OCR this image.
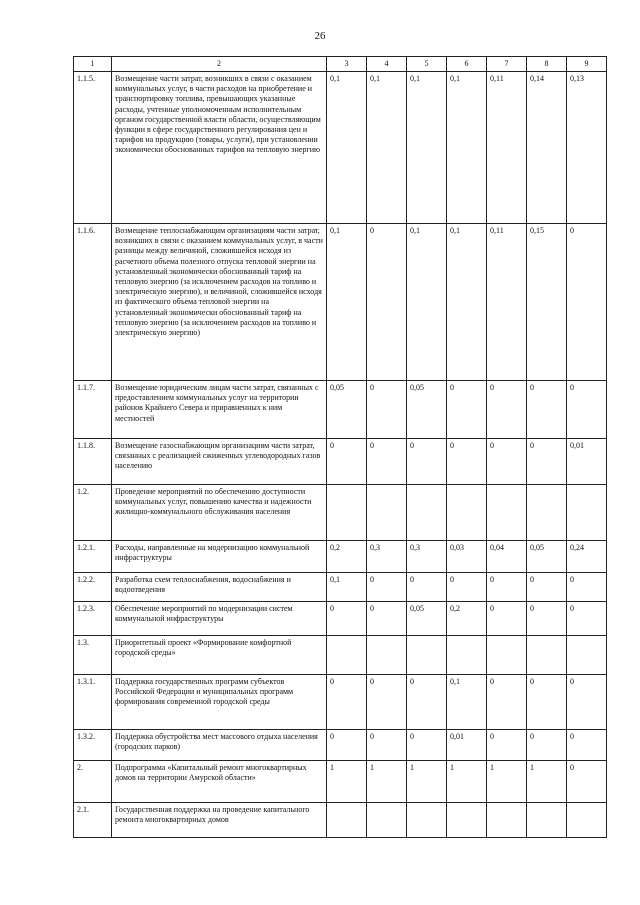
26
1	2	3	4	5	6	7	8	9
1.1.5.	Возмещение части затрат, возникших в связи с оказанием коммунальных услуг, в части расходов на приобретение и транспортировку топлива, превышающих указанные расходы, учтенные уполномоченным исполнительным органом государственной власти области, осуществляющим функции в сфере государственного регулирования цен и тарифов на продукцию (товары, услуги), при установлении экономически обоснованных тарифов на тепловую энергию	0,1	0,1	0,1	0,1	0,11	0,14	0,13
1.1.6.	Возмещение теплоснабжающим организациям части затрат, возникших в связи с оказанием коммунальных услуг, в части разницы между величиной, сложившейся исходя из расчетного объема полезного отпуска тепловой энергии на установленный экономически обоснованный тариф на тепловую энергию (за исключением расходов на топливо и электрическую энергию), и величиной, сложившейся исходя из фактического объема тепловой энергии на установленный экономически обоснованный тариф на тепловую энергию (за исключением расходов на топливо и электрическую энергию)	0,1	0	0,1	0,1	0,11	0,15	0
1.1.7.	Возмещение юридическим лицам части затрат, связанных с предоставлением коммунальных услуг на территории районов Крайнего Севера и приравненных к ним местностей	0,05	0	0,05	0	0	0	0
1.1.8.	Возмещение газоснабжающим организациям части затрат, связанных с реализацией сжиженных углеводородных газов населению	0	0	0	0	0	0	0,01
1.2.	Проведение мероприятий по обеспечению доступности коммунальных услуг, повышению качества и надежности жилищно-коммунального обслуживания населения							
1.2.1.	Расходы, направленные на модернизацию коммунальной инфраструктуры	0,2	0,3	0,3	0,03	0,04	0,05	0,24
1.2.2.	Разработка схем теплоснабжения, водоснабжения и водоотведения	0,1	0	0	0	0	0	0
1.2.3.	Обеспечение мероприятий по модернизации систем коммунальной инфраструктуры	0	0	0,05	0,2	0	0	0
1.3.	Приоритетный проект «Формирование комфортной городской среды»							
1.3.1.	Поддержка государственных программ субъектов Российской Федерации и муниципальных программ формирования современной городской среды	0	0	0	0,1	0	0	0
1.3.2.	Поддержка обустройства мест массового отдыха населения (городских парков)	0	0	0	0,01	0	0	0
2.	Подпрограмма «Капитальный ремонт многоквартирных домов на территории Амурской области»	1	1	1	1	1	1	0
2.1.	Государственная поддержка на проведение капитального ремонта многоквартирных домов							
